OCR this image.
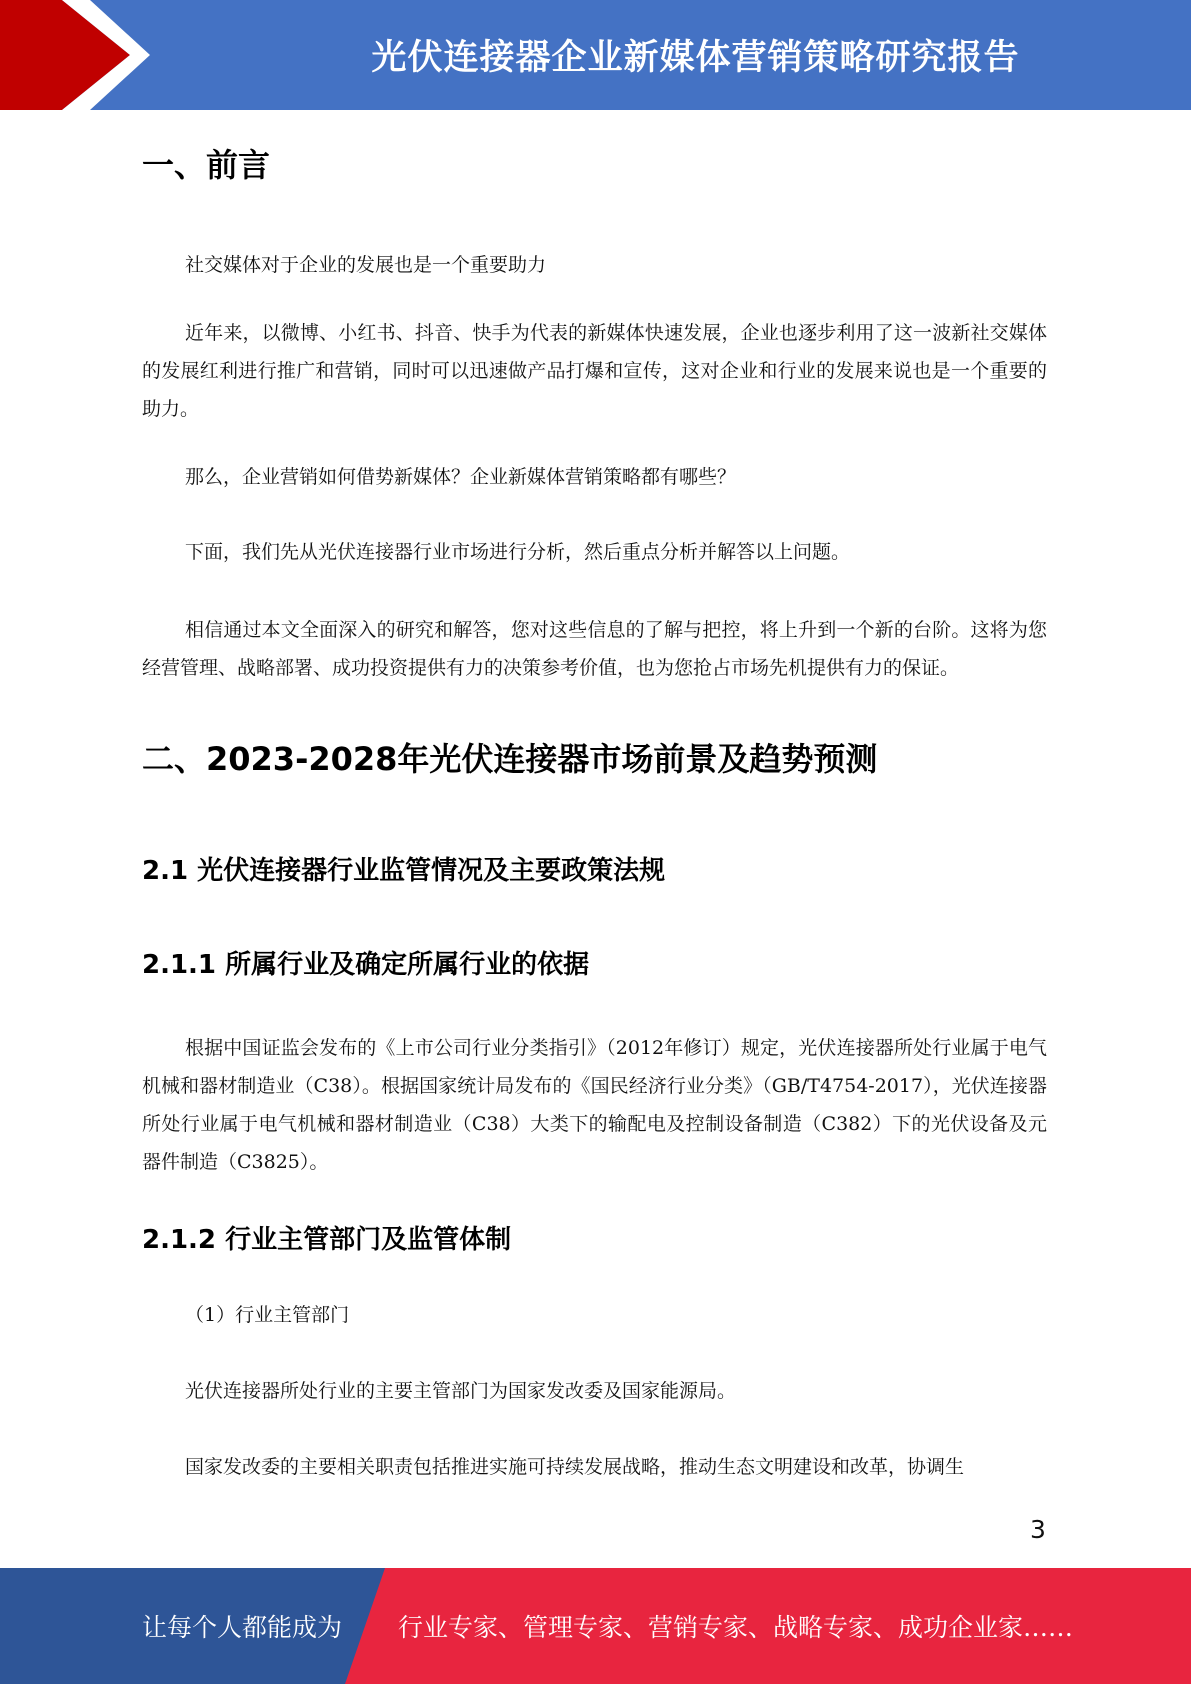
光伏连接器企业新媒体营销策略研究报告
一、前言

社交媒体对于企业的发展也是一个重要助力

近年来，以微博、小红书、抖音、快手为代表的新媒体快速发展，企业也逐步利用了这一波新社交媒体的发展红利进行推广和营销，同时可以迅速做产品打爆和宣传，这对企业和行业的发展来说也是一个重要的助力。

那么，企业营销如何借势新媒体？企业新媒体营销策略都有哪些？

下面，我们先从光伏连接器行业市场进行分析，然后重点分析并解答以上问题。

相信通过本文全面深入的研究和解答，您对这些信息的了解与把控，将上升到一个新的台阶。这将为您经营管理、战略部署、成功投资提供有力的决策参考价值，也为您抢占市场先机提供有力的保证。

二、2023-2028年光伏连接器市场前景及趋势预测
2.1 光伏连接器行业监管情况及主要政策法规
2.1.1 所属行业及确定所属行业的依据

根据中国证监会发布的《上市公司行业分类指引》（2012年修订）规定，光伏连接器所处行业属于电气机械和器材制造业（C38）。根据国家统计局发布的《国民经济行业分类》（GB/T4754-2017），光伏连接器所处行业属于电气机械和器材制造业（C38）大类下的输配电及控制设备制造（C382）下的光伏设备及元器件制造（C3825）。

2.1.2 行业主管部门及监管体制

（1）行业主管部门

光伏连接器所处行业的主要主管部门为国家发改委及国家能源局。

国家发改委的主要相关职责包括推进实施可持续发展战略，推动生态文明建设和改革，协调生

3
让每个人都能成为 行业专家、管理专家、营销专家、战略专家、成功企业家……
